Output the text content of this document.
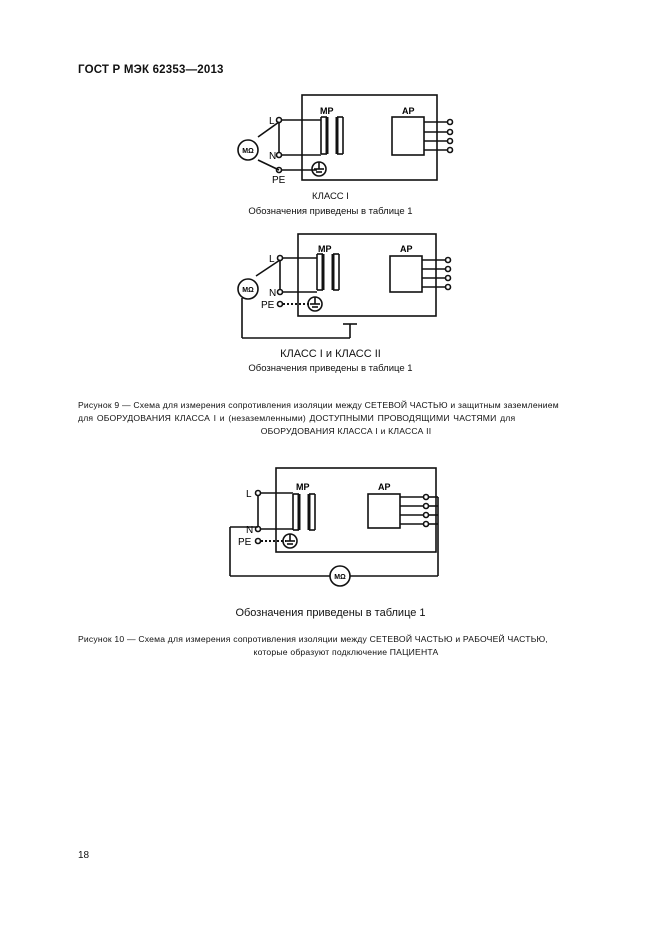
ГОСТ Р МЭК 62353—2013
L
N
PE
MP	AP
MΩ
КЛАСС I
Обозначения приведены в таблице 1
L
N
PE
MP	AP
MΩ
КЛАСС I и КЛАСС II
Обозначения приведены в таблице 1
Рисунок 9 — Схема для измерения сопротивления изоляции между СЕТЕВОЙ ЧАСТЬЮ и защитным заземлением
для ОБОРУДОВАНИЯ КЛАССА I и (незаземленными) ДОСТУПНЫМИ ПРОВОДЯЩИМИ ЧАСТЯМИ для
ОБОРУДОВАНИЯ КЛАССА I и КЛАССА II
L
N
PE
MP	AP
MΩ
Обозначения приведены в таблице 1
Рисунок 10 — Схема для измерения сопротивления изоляции между СЕТЕВОЙ ЧАСТЬЮ и РАБОЧЕЙ ЧАСТЬЮ,
которые образуют подключение ПАЦИЕНТА
18
